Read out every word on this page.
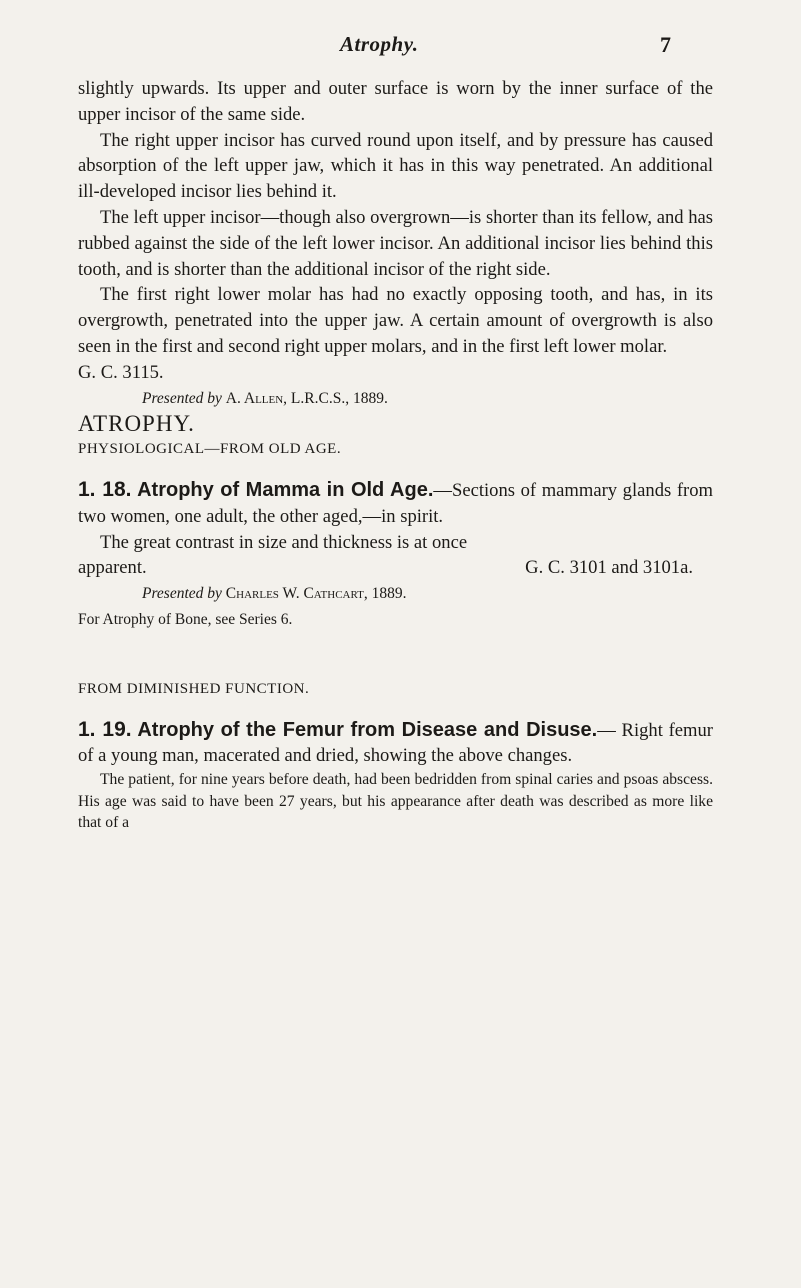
Atrophy.	7

slightly upwards. Its upper and outer surface is worn by the inner surface of the upper incisor of the same side.

The right upper incisor has curved round upon itself, and by pressure has caused absorption of the left upper jaw, which it has in this way penetrated. An additional ill-developed incisor lies behind it.

The left upper incisor—though also overgrown—is shorter than its fellow, and has rubbed against the side of the left lower incisor. An additional incisor lies behind this tooth, and is shorter than the additional incisor of the right side.

The first right lower molar has had no exactly opposing tooth, and has, in its overgrowth, penetrated into the upper jaw. A certain amount of overgrowth is also seen in the first and second right upper molars, and in the first left lower molar.

G. C. 3115.

Presented by A. Allen, L.R.C.S., 1889.

ATROPHY.

PHYSIOLOGICAL—FROM OLD AGE.

1. 18. Atrophy of Mamma in Old Age.—Sections of mammary glands from two women, one adult, the other aged,—in spirit.

The great contrast in size and thickness is at once

apparent.	G. C. 3101 and 3101a.

Presented by Charles W. Cathcart, 1889.

For Atrophy of Bone, see Series 6.

FROM DIMINISHED FUNCTION.

1. 19. Atrophy of the Femur from Disease and Disuse.— Right femur of a young man, macerated and dried, showing the above changes.

The patient, for nine years before death, had been bedridden from spinal caries and psoas abscess. His age was said to have been 27 years, but his appearance after death was described as more like that of a
